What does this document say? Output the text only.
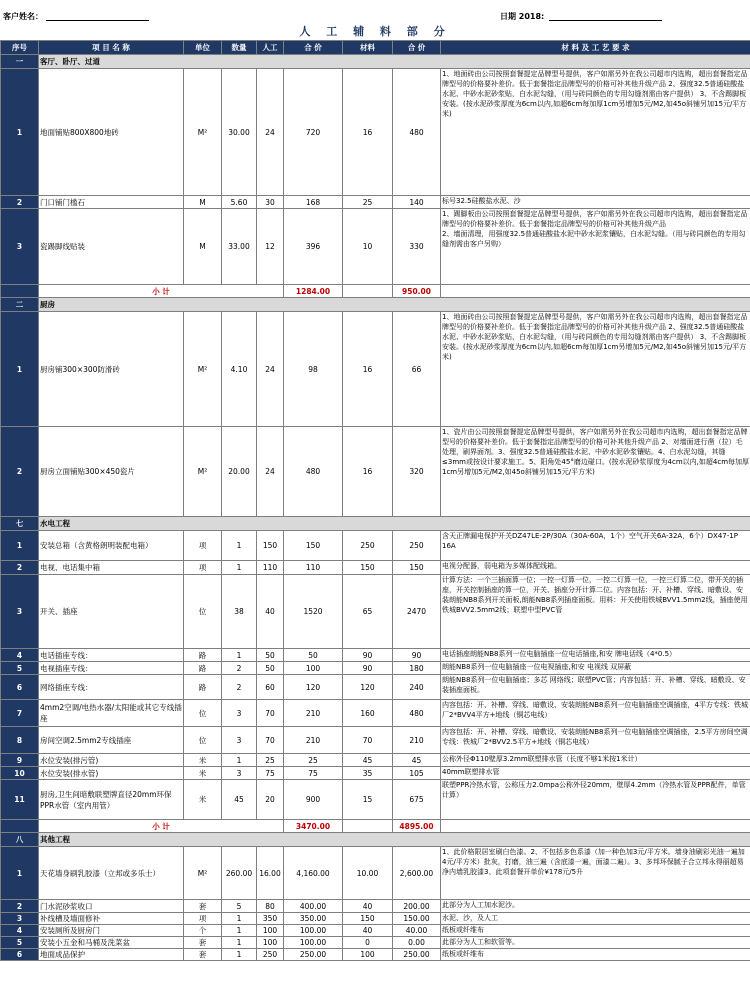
客户姓名：	日期 2018:
人 工 辅 料 部 分
序号	项 目 名 称	单位	数量	人工	合 价	材料	合 价	材 料 及 工 艺 要 求
一	客厅、卧厅、过道							
1	地面铺贴800X800地砖	M²	30.00	24	720	16	480	1、地面砖由公司按照套餐提定品牌型号提供，客户如需另外在我公司超市内选购，超出套餐指定品牌型号的价格要补差价。低于套餐指定品牌型号的价格可补其他升级产品 2、强度32.5普通硅酸盐水泥、中砂水泥砂浆贴，白水泥勾缝，（用与砖同颜色的专用勾缝剂需由客户提供） 3、不含踢脚板安装。(按水泥砂浆厚度为6cm以内,如超6cm每加厚1cm另增加5元/M2,如45o斜铺另加15元/平方米)
2	门口铺门槛石	M	5.60	30	168	25	140	标号32.5硅酸盐水泥、沙
3	瓷踢脚线贴装	M	33.00	12	396	10	330	1、踢脚板由公司按照套餐提定品牌型号提供，客户如需另外在我公司超市内选购，超出套餐指定品牌型号的价格要补差价。低于套餐指定品牌型号的价格可补其他升级产品
2、墙面清理，用强度32.5普通硅酸盐水泥中砂水泥浆镶贴，白水泥勾缝。（用与砖同颜色的专用勾缝剂需由客户另购）
	小 计				1284.00		950.00	
二	厨房							
1	厨房铺300×300防滑砖	M²	4.10	24	98	16	66	1、地面砖由公司按照套餐提定品牌型号提供，客户如需另外在我公司超市内选购，超出套餐指定品牌型号的价格要补差价。低于套餐指定品牌型号的价格可补其他升级产品 2、强度32.5普通硅酸盐水泥、中砂水泥砂浆贴，白水泥勾缝，（用与砖同颜色的专用勾缝剂需由客户提供） 3、不含踢脚板安装。(按水泥砂浆厚度为6cm以内,如超6cm每加厚1cm另增加5元/M2,如45o斜铺另加15元/平方米)
2	厨房立面铺贴300×450瓷片	M²	20.00	24	480	16	320	1、瓷片由公司按照套餐提定品牌型号提供，客户如需另外在我公司超市内选购，超出套餐指定品牌型号的价格要补差价。低于套餐指定品牌型号的价格可补其他升级产品 2、对墙面进行凿（拉）毛处理，刷界面剂。3、强度32.5普通硅酸盐水泥、中砂水泥砂浆镶贴。4、白水泥勾缝，其缝≤3mm或按设计要求施工。5、阳角处45°磨边碰口。(按水泥砂浆厚度为4cm以内,如超4cm每加厚1cm另增加5元/M2,如45o斜铺另加15元/平方米)
七	水电工程							
1	安装总箱（含黄格朗明装配电箱）	项	1	150	150	250	250	含天正牌漏电保护开关DZ47LE-2P/30A（30A-60A，1个）空气开关6A-32A，6个）DX47-1P 16A
2	电视、电话集中箱	项	1	110	110	150	150	电视分配器，弱电箱为多媒体配线箱。
3	开关、插座	位	38	40	1520	65	2470	计算方法：一个三插面算一位；一控一灯算一位，一控二灯算一位，一控三灯算二位，带开关的插座，开关控制插座的算一位，开关、插座分开计算二位。内容包括：开、补槽、穿线、暗敷设、安装朗能NB8系列开关面板,朗能NB8系列插座面板。用料：开关使用铁城BVV1.5mm2线，插座使用铁城BVV2.5mm2线；联塑中型PVC管
4	电话插座专线：	路	1	50	50	90	90	电话插座朗能NB8系列一位电脑插座一位电话插座,和安 牌电话线（4*0.5）
5	电视插座专线：	路	2	50	100	90	180	朗能NB8系列一位电脑插座一位电视插座,和安 电视线 双屏蔽
6	网络插座专线：	路	2	60	120	120	240	朗能NB8系列一位电脑插座；多芯 网络线；联塑PVC管；内容包括：开、补槽、穿线、暗敷设、安装插座面板。
7	4mm2空调/电热水器/太阳能或其它专线插座	位	3	70	210	160	480	内容包括：开、补槽、穿线、暗敷设、安装朗能NB8系列一位电脑插座空调插座，4平方专线：铁城厂2*BVV4平方+地线（铜芯电线）
8	房间空调2.5mm2专线插座	位	3	70	210	70	210	内容包括：开、补槽、穿线、暗敷设、安装朗能NB8系列一位电脑插座空调插座，2.5平方房间空调专线：铁城厂2*BVV2.5平方+地线（铜芯电线）
9	水位安装(排污管)	米	1	25	25	45	45	公称外径Φ110壁厚3.2mm联塑排水管（长度不够1米按1米计）
10	水位安装(排水管)	米	3	75	75	35	105	40mm联塑排水管
11	厨房,卫生间暗敷联塑牌直径20mm环保PPR水管（室内用管）	米	45	20	900	15	675	联塑PPR冷热水管，公称压力2.0mpa公称外径20mm，壁厚4.2mm（冷热水管及PPR配件，单管计算）
	小 计				3470.00		4895.00	
八	其他工程							
1	天花墙身刷乳胶漆（立邦或多乐士）	M²	260.00	16.00	4,160.00	10.00	2,600.00	1、此价格限居室刷白色漆。2、不包括多色系漆（加一种色加3元/平方米。墙身油刷彩光油一遍加4元/平方米）批灰，打磨，油三遍（含底漆一遍，面漆二遍）。3、多邦环保腻子合立邦永得丽超易净内墙乳胶漆3、此项套餐开单价¥178元/5升
2	门水泥砂浆收口	套	5	80	400.00	40	200.00	此部分为人工加水泥沙。
3	补线槽及墙面修补	项	1	350	350.00	150	150.00	水泥、沙，及人工
4	安装厕所及厨房门	个	1	100	100.00	40	40.00	纸板或纤维布
5	安装小五金和马桶及洗菜盆	套	1	100	100.00	0	0.00	此部分为人工和软管等。
6	地面成品保护	套	1	250	250.00	100	250.00	纸板或纤维布
